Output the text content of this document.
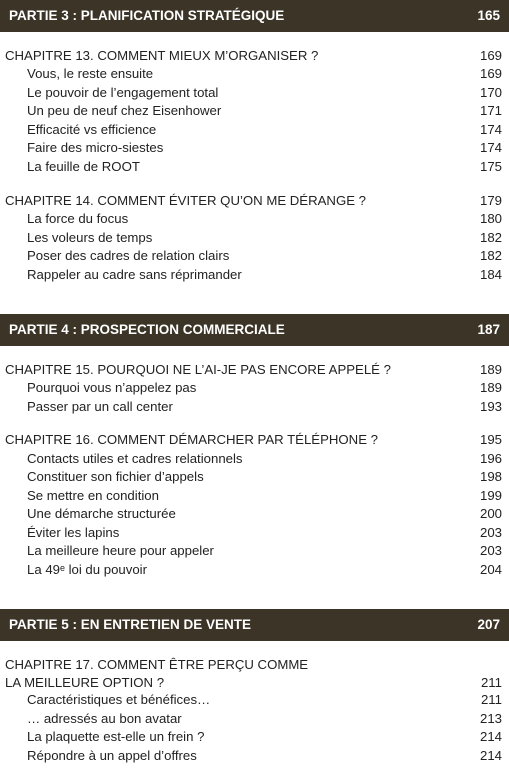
PARTIE 3 : PLANIFICATION STRATÉGIQUE	165
CHAPITRE 13. COMMENT MIEUX M’ORGANISER ?	169
Vous, le reste ensuite	169
Le pouvoir de l’engagement total	170
Un peu de neuf chez Eisenhower	171
Efficacité vs efficience	174
Faire des micro-siestes	174
La feuille de ROOT	175
CHAPITRE 14. COMMENT ÉVITER QU’ON ME DÉRANGE ?	179
La force du focus	180
Les voleurs de temps	182
Poser des cadres de relation clairs	182
Rappeler au cadre sans réprimander	184
PARTIE 4 : PROSPECTION COMMERCIALE	187
CHAPITRE 15. POURQUOI NE L’AI-JE PAS ENCORE APPELÉ ?	189
Pourquoi vous n’appelez pas	189
Passer par un call center	193
CHAPITRE 16. COMMENT DÉMARCHER PAR TÉLÉPHONE ?	195
Contacts utiles et cadres relationnels	196
Constituer son fichier d’appels	198
Se mettre en condition	199
Une démarche structurée	200
Éviter les lapins	203
La meilleure heure pour appeler	203
La 49ᵉ loi du pouvoir	204
PARTIE 5 : EN ENTRETIEN DE VENTE	207
CHAPITRE 17. COMMENT ÊTRE PERÇU COMME
LA MEILLEURE OPTION ?	211
Caractéristiques et bénéfices…	211
… adressés au bon avatar	213
La plaquette est-elle un frein ?	214
Répondre à un appel d’offres	214
